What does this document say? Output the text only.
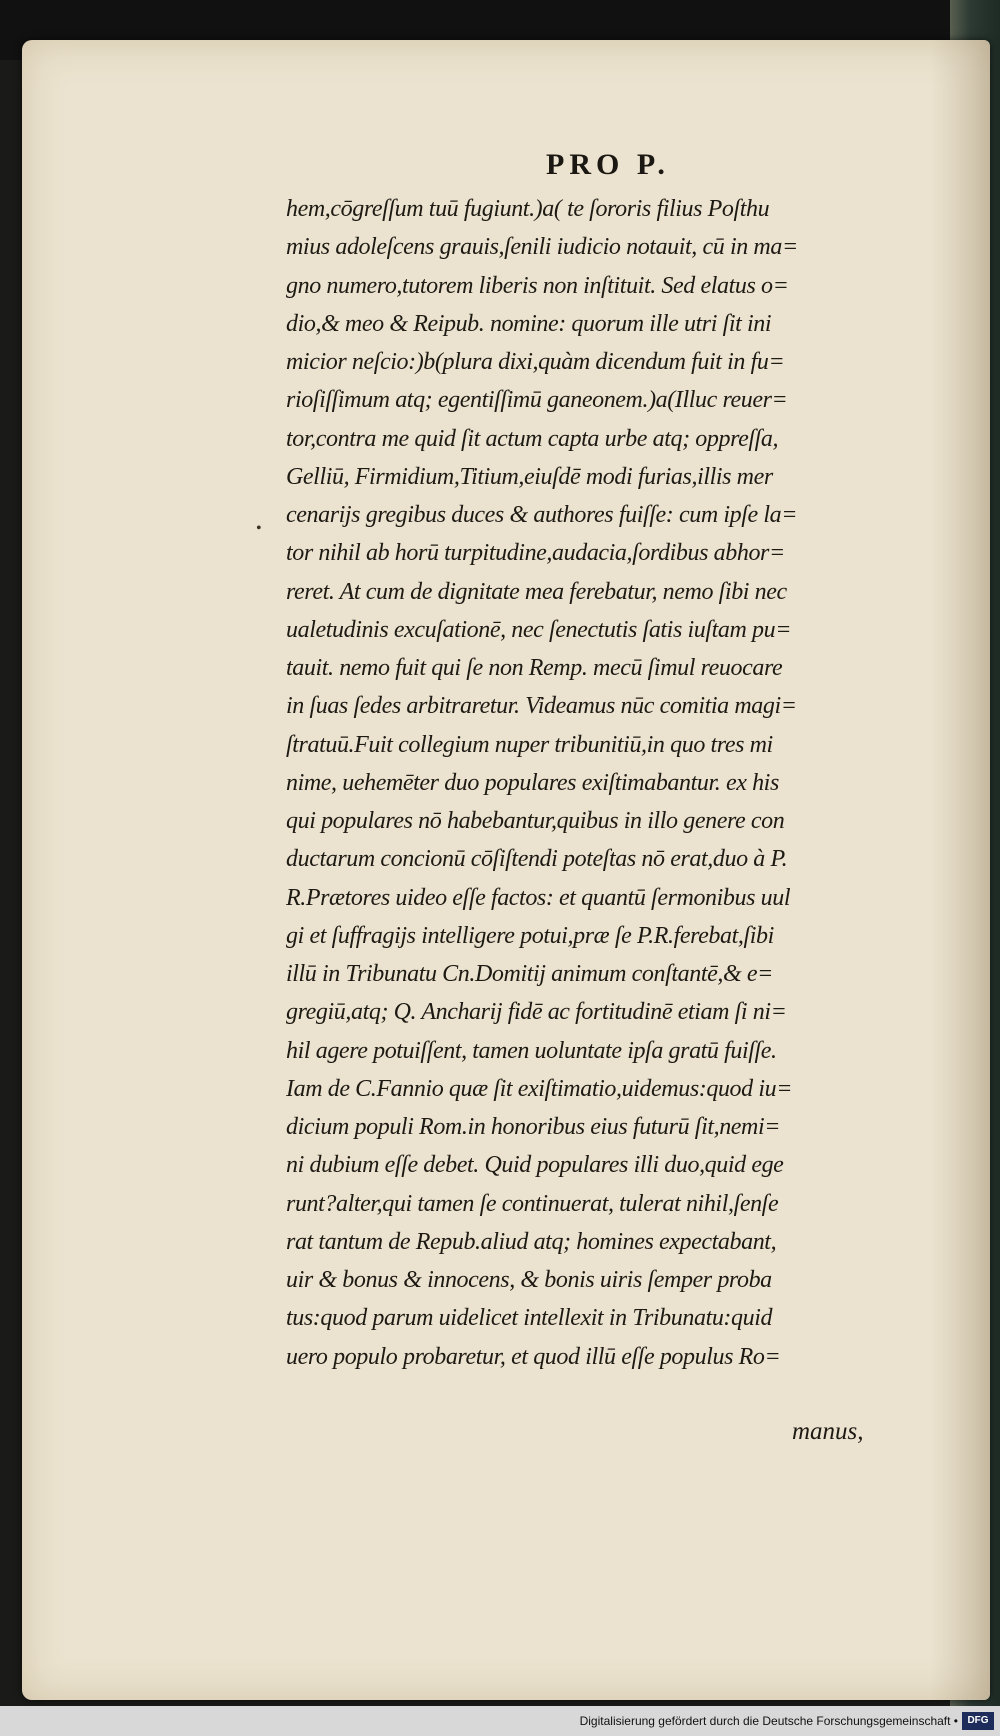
PRO P.
•
hem,cōgreſſum tuū fugiunt.)a( te ſororis filius Poſthu
mius adoleſcens grauis,ſenili iudicio notauit, cū in ma=
gno numero,tutorem liberis non inſtituit. Sed elatus o=
dio,& meo & Reipub. nomine: quorum ille utri ſit ini
micior neſcio:)b(plura dixi,quàm dicendum fuit in fu=
rioſiſſimum atq; egentiſſimū ganeonem.)a(Illuc reuer=
tor,contra me quid ſit actum capta urbe atq; oppreſſa,
Gelliū, Firmidium,Titium,eiuſdē modi furias,illis mer
cenarijs gregibus duces & authores fuiſſe: cum ipſe la=
tor nihil ab horū turpitudine,audacia,ſordibus abhor=
reret. At cum de dignitate mea ferebatur, nemo ſibi nec
ualetudinis excuſationē, nec ſenectutis ſatis iuſtam pu=
tauit. nemo fuit qui ſe non Remp. mecū ſimul reuocare
in ſuas ſedes arbitraretur. Videamus nūc comitia magi=
ſtratuū.Fuit collegium nuper tribunitiū,in quo tres mi
nime, uehemēter duo populares exiſtimabantur. ex his
qui populares nō habebantur,quibus in illo genere con
ductarum concionū cōſiſtendi poteſtas nō erat,duo à P.
R.Prætores uideo eſſe factos: et quantū ſermonibus uul
gi et ſuffragijs intelligere potui,præ ſe P.R.ferebat,ſibi
illū in Tribunatu Cn.Domitij animum conſtantē,& e=
gregiū,atq; Q. Ancharij fidē ac fortitudinē etiam ſi ni=
hil agere potuiſſent, tamen uoluntate ipſa gratū fuiſſe.
Iam de C.Fannio quæ ſit exiſtimatio,uidemus:quod iu=
dicium populi Rom.in honoribus eius futurū ſit,nemi=
ni dubium eſſe debet. Quid populares illi duo,quid ege
runt?alter,qui tamen ſe continuerat, tulerat nihil,ſenſe
rat tantum de Repub.aliud atq; homines expectabant,
uir & bonus & innocens, & bonis uiris ſemper proba
tus:quod parum uidelicet intellexit in Tribunatu:quid
uero populo probaretur, et quod illū eſſe populus Ro=
manus,
Digitalisierung gefördert durch die Deutsche Forschungsgemeinschaft • DFG
